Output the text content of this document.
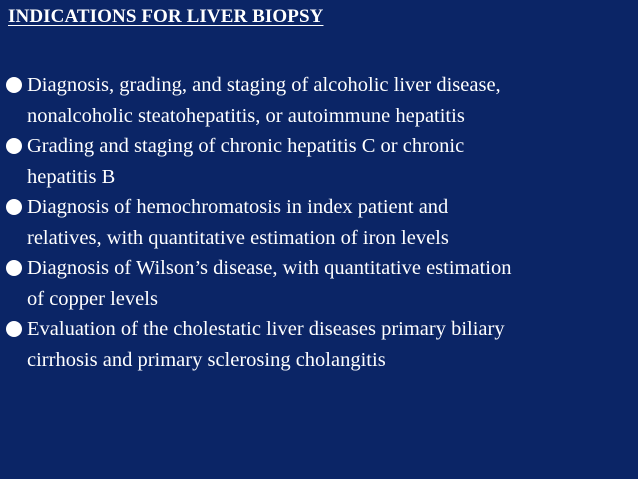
INDICATIONS FOR LIVER BIOPSY
Diagnosis, grading, and staging of alcoholic liver disease,
nonalcoholic steatohepatitis, or autoimmune hepatitis
Grading and staging of chronic hepatitis C or chronic
hepatitis B
Diagnosis of hemochromatosis in index patient and
relatives, with quantitative estimation of iron levels
Diagnosis of Wilson’s disease, with quantitative estimation
of copper levels
Evaluation of the cholestatic liver diseases primary biliary
cirrhosis and primary sclerosing cholangitis
